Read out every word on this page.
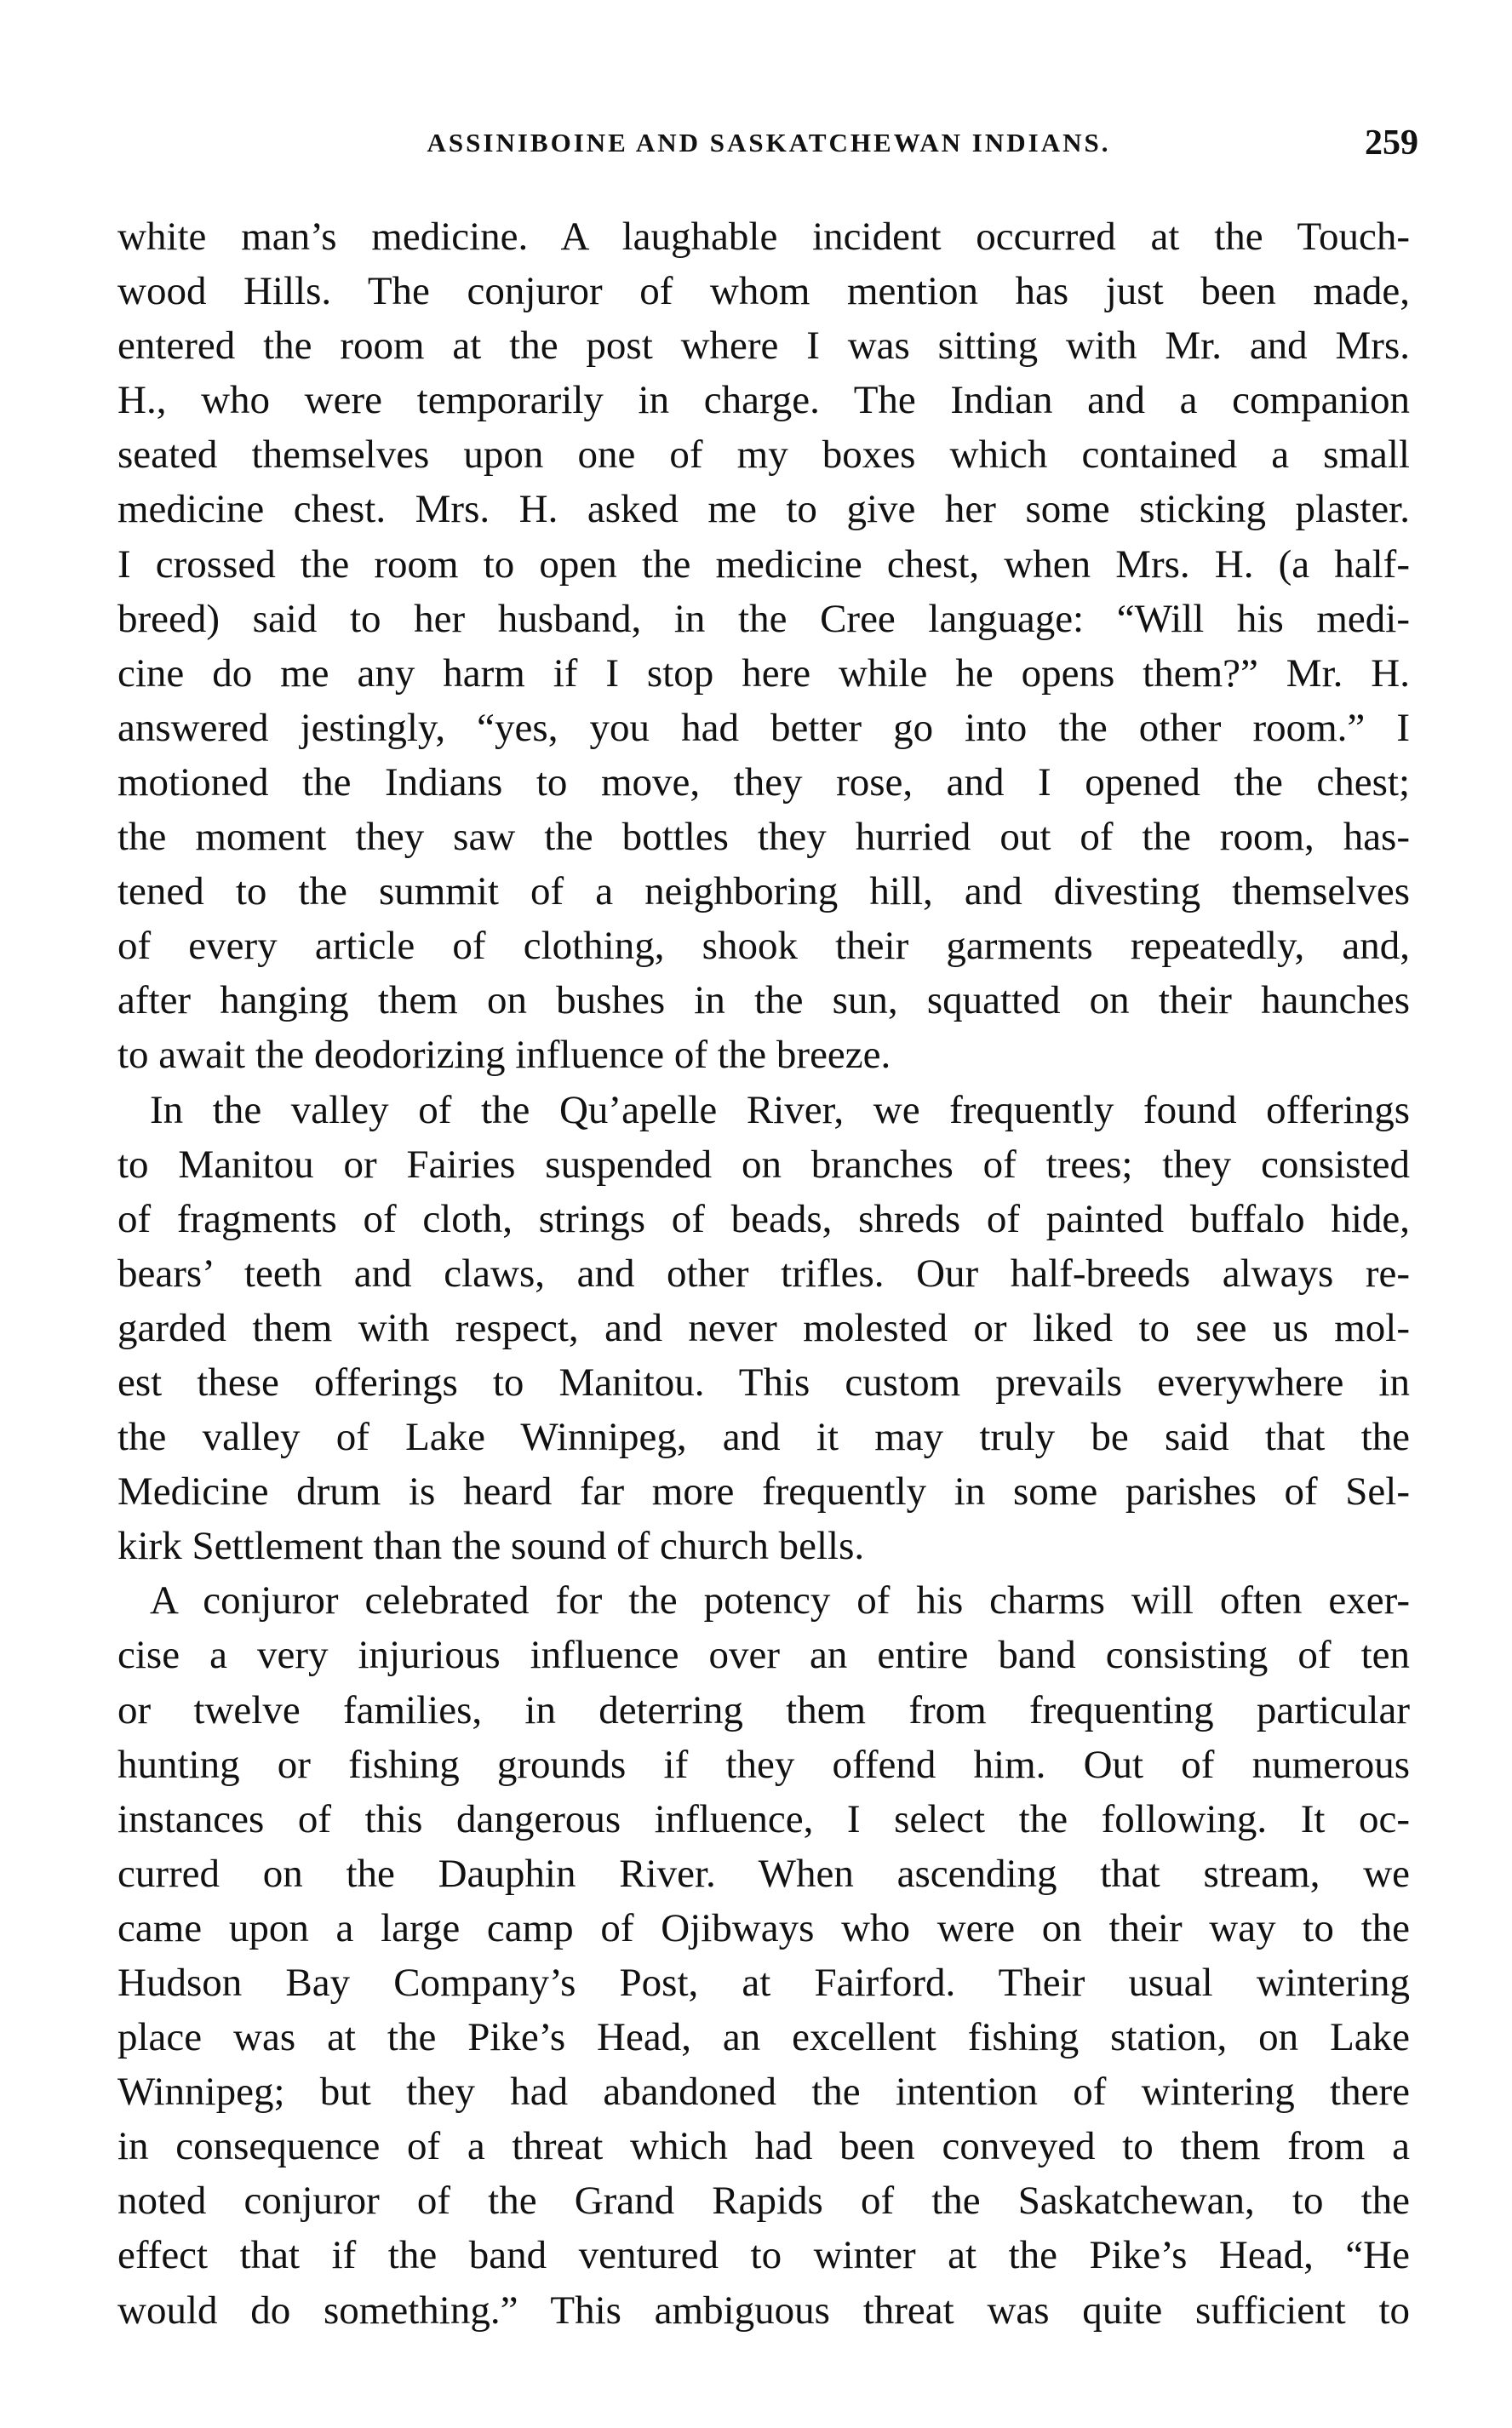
ASSINIBOINE AND SASKATCHEWAN INDIANS.	259
white man’s medicine. A laughable incident occurred at the Touch-
wood Hills. The conjuror of whom mention has just been made,
entered the room at the post where I was sitting with Mr. and Mrs.
H., who were temporarily in charge. The Indian and a companion
seated themselves upon one of my boxes which contained a small
medicine chest. Mrs. H. asked me to give her some sticking plaster.
I crossed the room to open the medicine chest, when Mrs. H. (a half-
breed) said to her husband, in the Cree language: “Will his medi-
cine do me any harm if I stop here while he opens them?” Mr. H.
answered jestingly, “yes, you had better go into the other room.” I
motioned the Indians to move, they rose, and I opened the chest;
the moment they saw the bottles they hurried out of the room, has-
tened to the summit of a neighboring hill, and divesting themselves
of every article of clothing, shook their garments repeatedly, and,
after hanging them on bushes in the sun, squatted on their haunches
to await the deodorizing influence of the breeze.
In the valley of the Qu’apelle River, we frequently found offerings
to Manitou or Fairies suspended on branches of trees; they consisted
of fragments of cloth, strings of beads, shreds of painted buffalo hide,
bears’ teeth and claws, and other trifles. Our half-breeds always re-
garded them with respect, and never molested or liked to see us mol-
est these offerings to Manitou. This custom prevails everywhere in
the valley of Lake Winnipeg, and it may truly be said that the
Medicine drum is heard far more frequently in some parishes of Sel-
kirk Settlement than the sound of church bells.
A conjuror celebrated for the potency of his charms will often exer-
cise a very injurious influence over an entire band consisting of ten
or twelve families, in deterring them from frequenting particular
hunting or fishing grounds if they offend him. Out of numerous
instances of this dangerous influence, I select the following. It oc-
curred on the Dauphin River. When ascending that stream, we
came upon a large camp of Ojibways who were on their way to the
Hudson Bay Company’s Post, at Fairford. Their usual wintering
place was at the Pike’s Head, an excellent fishing station, on Lake
Winnipeg; but they had abandoned the intention of wintering there
in consequence of a threat which had been conveyed to them from a
noted conjuror of the Grand Rapids of the Saskatchewan, to the
effect that if the band ventured to winter at the Pike’s Head, “He
would do something.” This ambiguous threat was quite sufficient to
